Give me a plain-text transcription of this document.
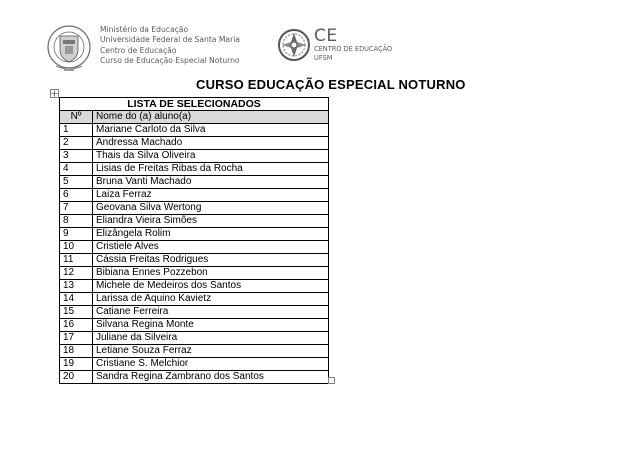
Ministério da Educação
Universidade Federal de Santa Maria
Centro de Educação
Curso de Educação Especial Noturno
CE
CENTRO DE EDUCAÇÃO
UFSM
CURSO EDUCAÇÃO ESPECIAL NOTURNO
LISTA DE SELECIONADOS	
Nº	Nome do (a) aluno(a)
1	Mariane Carloto da Silva
2	Andressa Machado
3	Thais da Silva Oliveira
4	Lisias de Freitas Ribas da Rocha
5	Bruna Vanti Machado
6	Laiza Ferraz
7	Geovana Silva Wertong
8	Eliandra Vieira Simões
9	Elizângela Rolim
10	Cristiele Alves
11	Cássia Freitas Rodrigues
12	Bibiana Ennes Pozzebon
13	Michele de Medeiros dos Santos
14	Larissa de Aquino Kavietz
15	Catiane Ferreira
16	Silvana Regina Monte
17	Juliane da Silveira
18	Letiane Souza Ferraz
19	Cristiane S. Melchior
20	Sandra Regina Zambrano dos Santos
